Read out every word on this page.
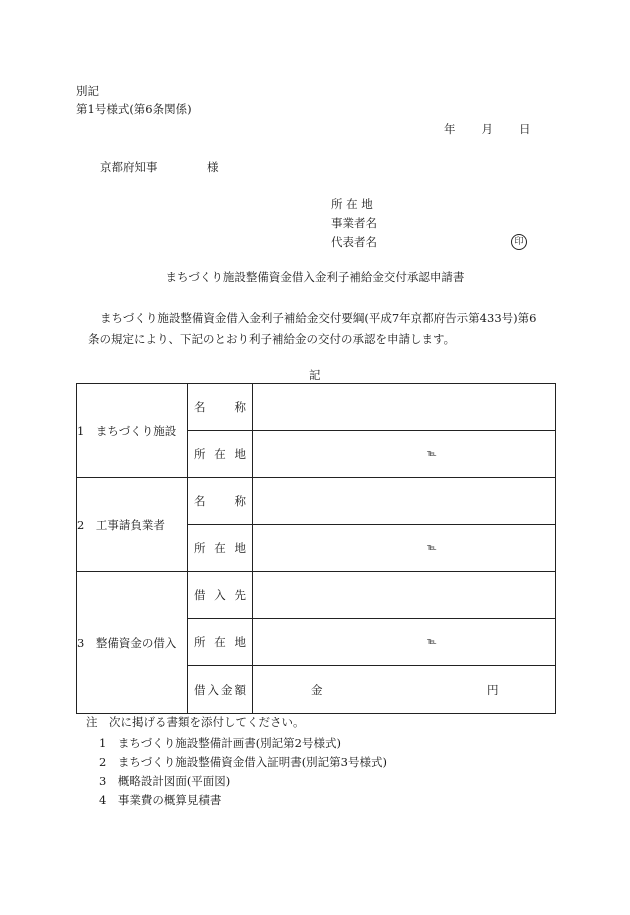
別記
第1号様式(第6条関係)
年 月 日
京都府知事	様
所 在 地
事業者名
代表者名	印
まちづくり施設整備資金借入金利子補給金交付承認申請書
まちづくり施設整備資金借入金利子補給金交付要綱(平成7年京都府告示第433号)第6
条の規定により、下記のとおり利子補給金の交付の承認を申請します。
記
1　まちづくり施設	名 称	

	所 在 地	℡

2　工事請負業者	名 称	

	所 在 地	℡

3　整備資金の借入	借 入 先	

	所 在 地	℡

	借 入 金 額	金 円
注　次に掲げる書類を添付してください。
1　まちづくり施設整備計画書(別記第2号様式)
2　まちづくり施設整備資金借入証明書(別記第3号様式)
3　概略設計図面(平面図)
4　事業費の概算見積書
